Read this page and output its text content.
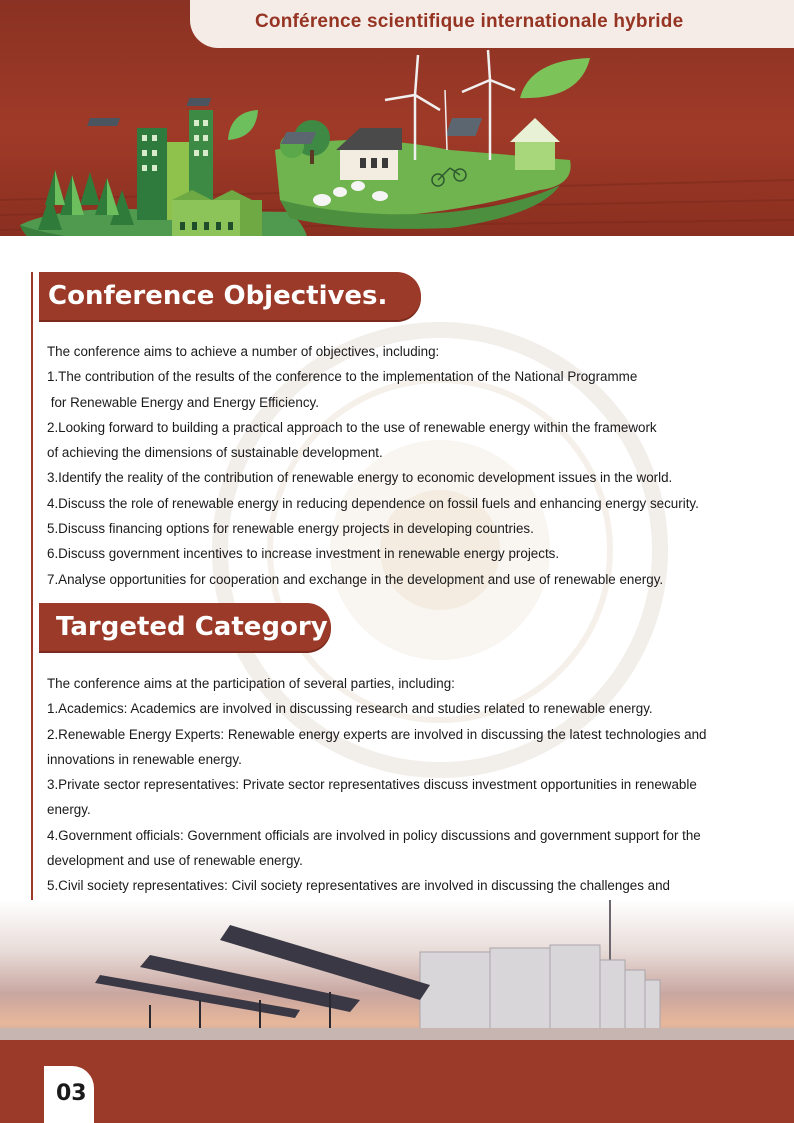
Conférence scientifique internationale hybride
Conference Objectives.

The conference aims to achieve a number of objectives, including:

1.The contribution of the results of the conference to the implementation of the National Programme

for Renewable Energy and Energy Efficiency.

2.Looking forward to building a practical approach to the use of renewable energy within the framework

of achieving the dimensions of sustainable development.

3.Identify the reality of the contribution of renewable energy to economic development issues in the world.

4.Discuss the role of renewable energy in reducing dependence on fossil fuels and enhancing energy security.

5.Discuss financing options for renewable energy projects in developing countries.

6.Discuss government incentives to increase investment in renewable energy projects.

7.Analyse opportunities for cooperation and exchange in the development and use of renewable energy.

Targeted Category

The conference aims at the participation of several parties, including:

1.Academics: Academics are involved in discussing research and studies related to renewable energy.

2.Renewable Energy Experts: Renewable energy experts are involved in discussing the latest technologies and

innovations in renewable energy.

3.Private sector representatives: Private sector representatives discuss investment opportunities in renewable

energy.

4.Government officials: Government officials are involved in policy discussions and government support for the

development and use of renewable energy.

5.Civil society representatives: Civil society representatives are involved in discussing the challenges and

03
